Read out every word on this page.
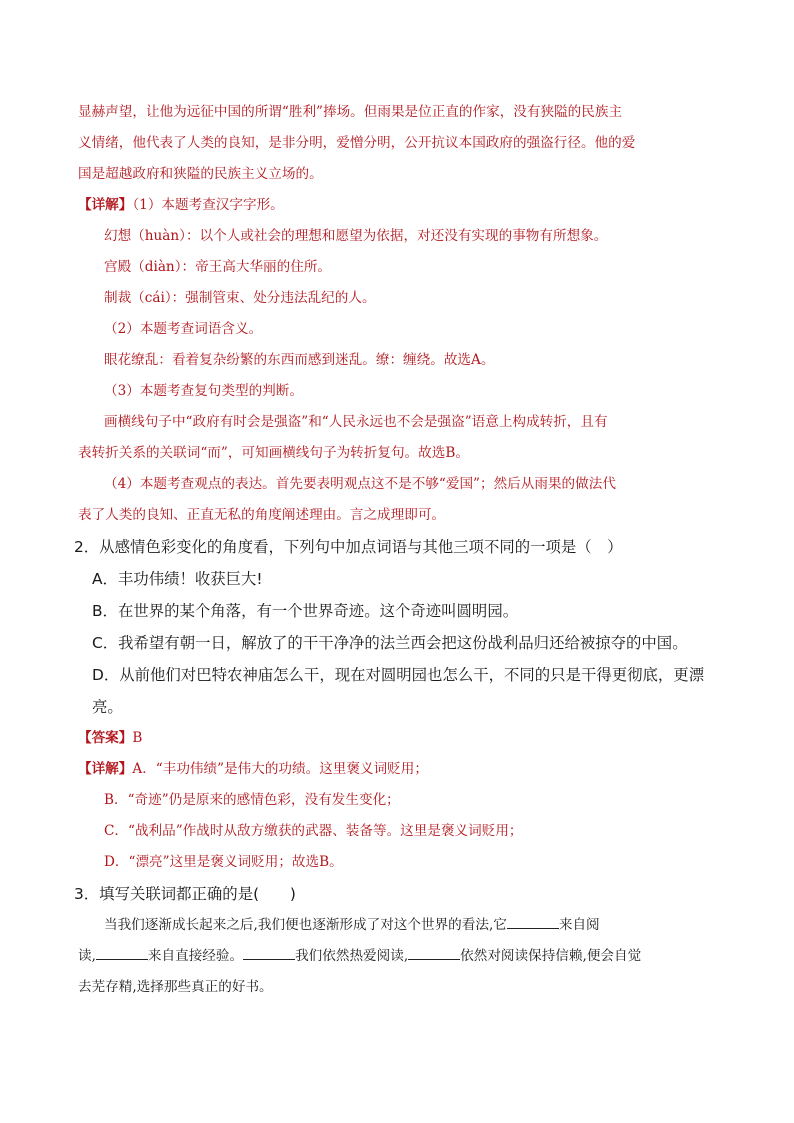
显赫声望，让他为远征中国的所谓“胜利”捧场。但雨果是位正直的作家，没有狭隘的民族主
义情绪，他代表了人类的良知，是非分明，爱憎分明，公开抗议本国政府的强盗行径。他的爱
国是超越政府和狭隘的民族主义立场的。
【详解】（1）本题考查汉字字形。
幻想（huàn）：以个人或社会的理想和愿望为依据，对还没有实现的事物有所想象。
宫殿（diàn）：帝王高大华丽的住所。
制裁（cái）：强制管束、处分违法乱纪的人。
（2）本题考查词语含义。
眼花缭乱：看着复杂纷繁的东西而感到迷乱。缭：缠绕。故选A。
（3）本题考查复句类型的判断。
画横线句子中“政府有时会是强盗”和“人民永远也不会是强盗”语意上构成转折，且有
表转折关系的关联词“而”，可知画横线句子为转折复句。故选B。
（4）本题考查观点的表达。首先要表明观点这不是不够“爱国”；然后从雨果的做法代
表了人类的良知、正直无私的角度阐述理由。言之成理即可。
2．从感情色彩变化的角度看，下列句中加点词语与其他三项不同的一项是（　）
A．丰功伟绩！收获巨大!
B．在世界的某个角落，有一个世界奇迹。这个奇迹叫圆明园。
C．我希望有朝一日，解放了的干干净净的法兰西会把这份战利品归还给被掠夺的中国。
D．从前他们对巴特农神庙怎么干，现在对圆明园也怎么干，不同的只是干得更彻底，更漂
亮。
【答案】B
【详解】A．“丰功伟绩”是伟大的功绩。这里褒义词贬用；
B．“奇迹”仍是原来的感情色彩，没有发生变化；
C．“战利品”作战时从敌方缴获的武器、装备等。这里是褒义词贬用；
D．“漂亮”这里是褒义词贬用；故选B。
3．填写关联词都正确的是(　　)
当我们逐渐成长起来之后,我们便也逐渐形成了对这个世界的看法,它	来自阅
读,	来自直接经验。	我们依然热爱阅读,	依然对阅读保持信赖,便会自觉
去芜存精,选择那些真正的好书。
